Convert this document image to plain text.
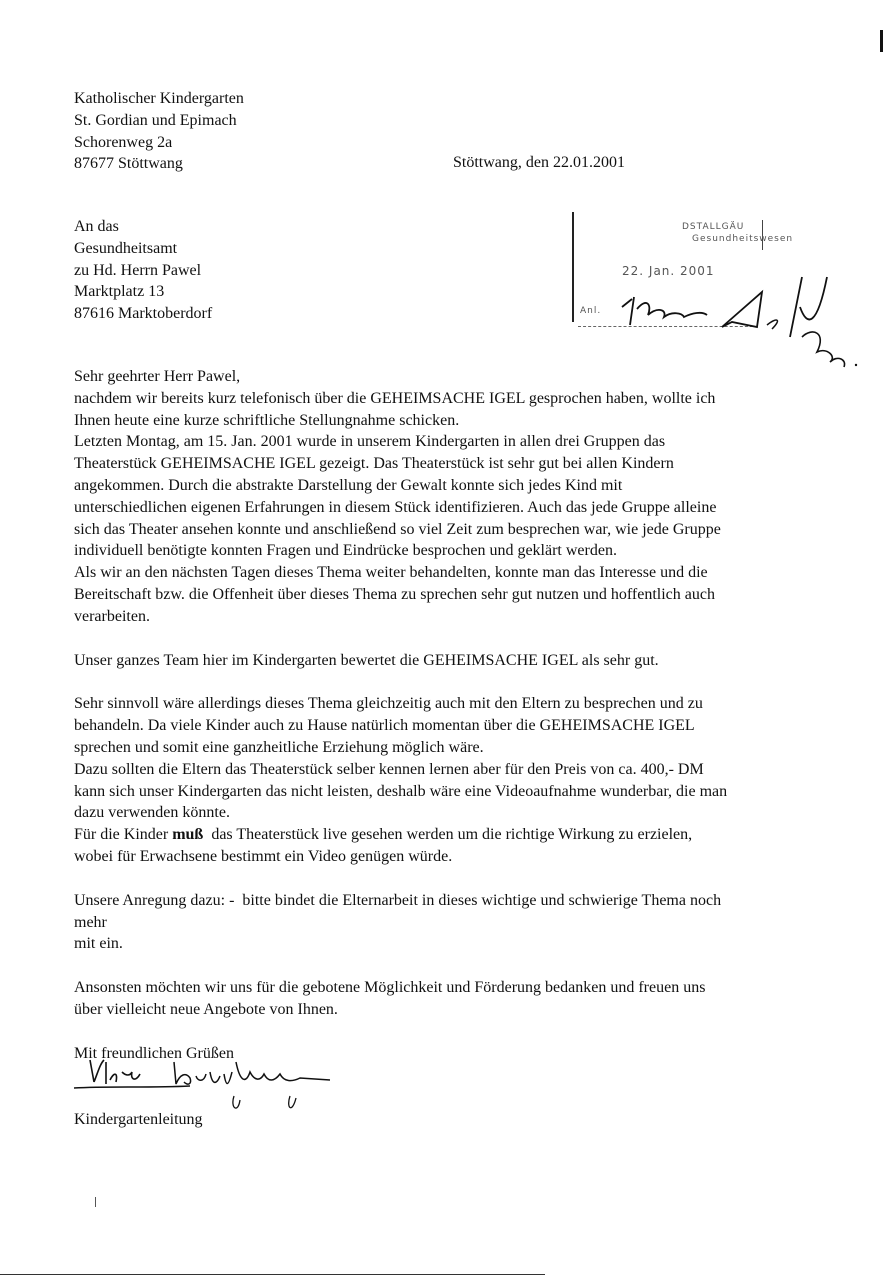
Katholischer Kindergarten
St. Gordian und Epimach
Schorenweg 2a
87677 Stöttwang	Stöttwang, den 22.01.2001
An das
Gesundheitsamt
zu Hd. Herrn Pawel
Marktplatz 13
87616 Marktoberdorf
DSTALLGÄU
Gesundheitswesen
22. Jan. 2001
Anl.
Sehr geehrter Herr Pawel,
nachdem wir bereits kurz telefonisch über die GEHEIMSACHE IGEL gesprochen haben, wollte ich
Ihnen heute eine kurze schriftliche Stellungnahme schicken.
Letzten Montag, am 15. Jan. 2001 wurde in unserem Kindergarten in allen drei Gruppen das
Theaterstück GEHEIMSACHE IGEL gezeigt. Das Theaterstück ist sehr gut bei allen Kindern
angekommen. Durch die abstrakte Darstellung der Gewalt konnte sich jedes Kind mit
unterschiedlichen eigenen Erfahrungen in diesem Stück identifizieren. Auch das jede Gruppe alleine
sich das Theater ansehen konnte und anschließend so viel Zeit zum besprechen war, wie jede Gruppe
individuell benötigte konnten Fragen und Eindrücke besprochen und geklärt werden.
Als wir an den nächsten Tagen dieses Thema weiter behandelten, konnte man das Interesse und die
Bereitschaft bzw. die Offenheit über dieses Thema zu sprechen sehr gut nutzen und hoffentlich auch
verarbeiten.
Unser ganzes Team hier im Kindergarten bewertet die GEHEIMSACHE IGEL als sehr gut.
Sehr sinnvoll wäre allerdings dieses Thema gleichzeitig auch mit den Eltern zu besprechen und zu
behandeln. Da viele Kinder auch zu Hause natürlich momentan über die GEHEIMSACHE IGEL
sprechen und somit eine ganzheitliche Erziehung möglich wäre.
Dazu sollten die Eltern das Theaterstück selber kennen lernen aber für den Preis von ca. 400,- DM
kann sich unser Kindergarten das nicht leisten, deshalb wäre eine Videoaufnahme wunderbar, die man
dazu verwenden könnte.
Für die Kinder muß  das Theaterstück live gesehen werden um die richtige Wirkung zu erzielen,
wobei für Erwachsene bestimmt ein Video genügen würde.
Unsere Anregung dazu: -  bitte bindet die Elternarbeit in dieses wichtige und schwierige Thema noch
mehr
mit ein.
Ansonsten möchten wir uns für die gebotene Möglichkeit und Förderung bedanken und freuen uns
über vielleicht neue Angebote von Ihnen.
Mit freundlichen Grüßen
Kindergartenleitung
